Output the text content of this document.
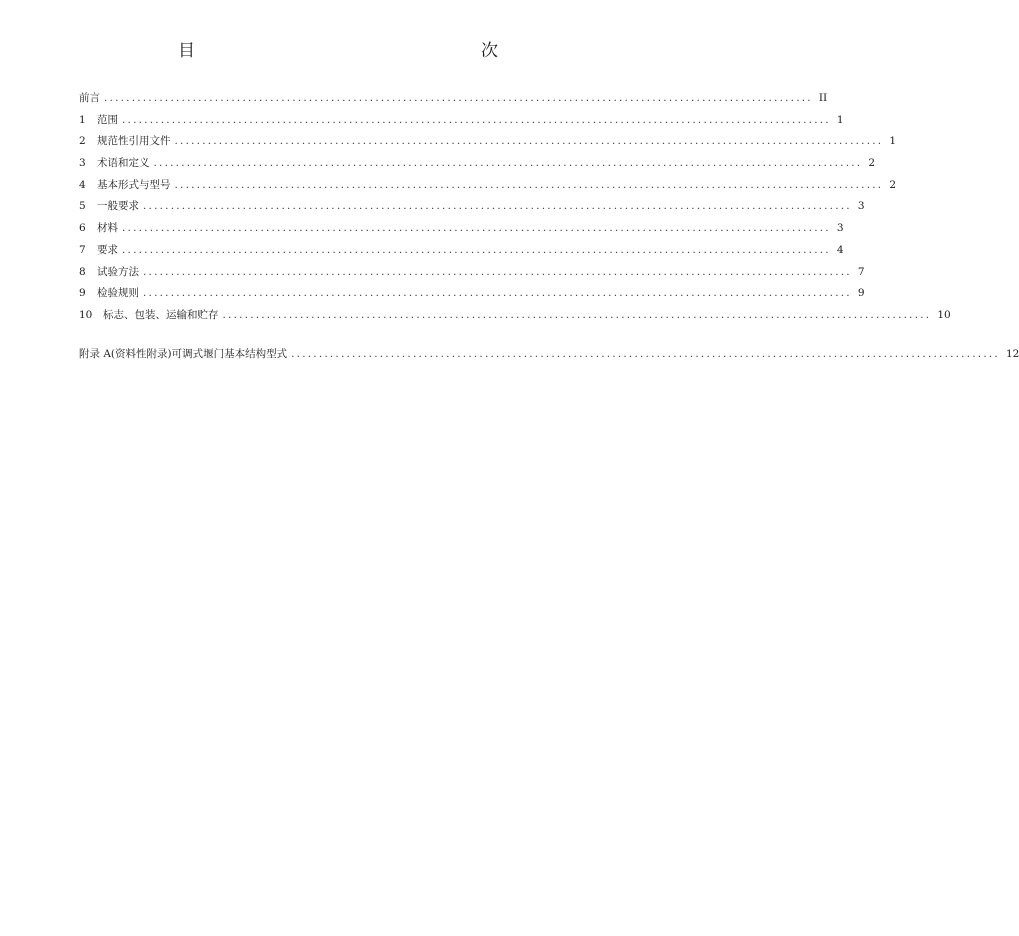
目	次
前言 ................................................................................................................................ II
1	范围 ................................................................................................................................ 1
2	规范性引用文件 ................................................................................................................................ 1
3	术语和定义 ................................................................................................................................ 2
4	基本形式与型号 ................................................................................................................................ 2
5	一般要求 ................................................................................................................................ 3
6	材料 ................................................................................................................................ 3
7	要求 ................................................................................................................................ 4
8	试验方法 ................................................................................................................................ 7
9	检验规则 ................................................................................................................................ 9
10	标志、包装、运输和贮存 ................................................................................................................................ 10
附录 A(资料性附录)可调式堰门基本结构型式 ................................................................................................................................ 12
